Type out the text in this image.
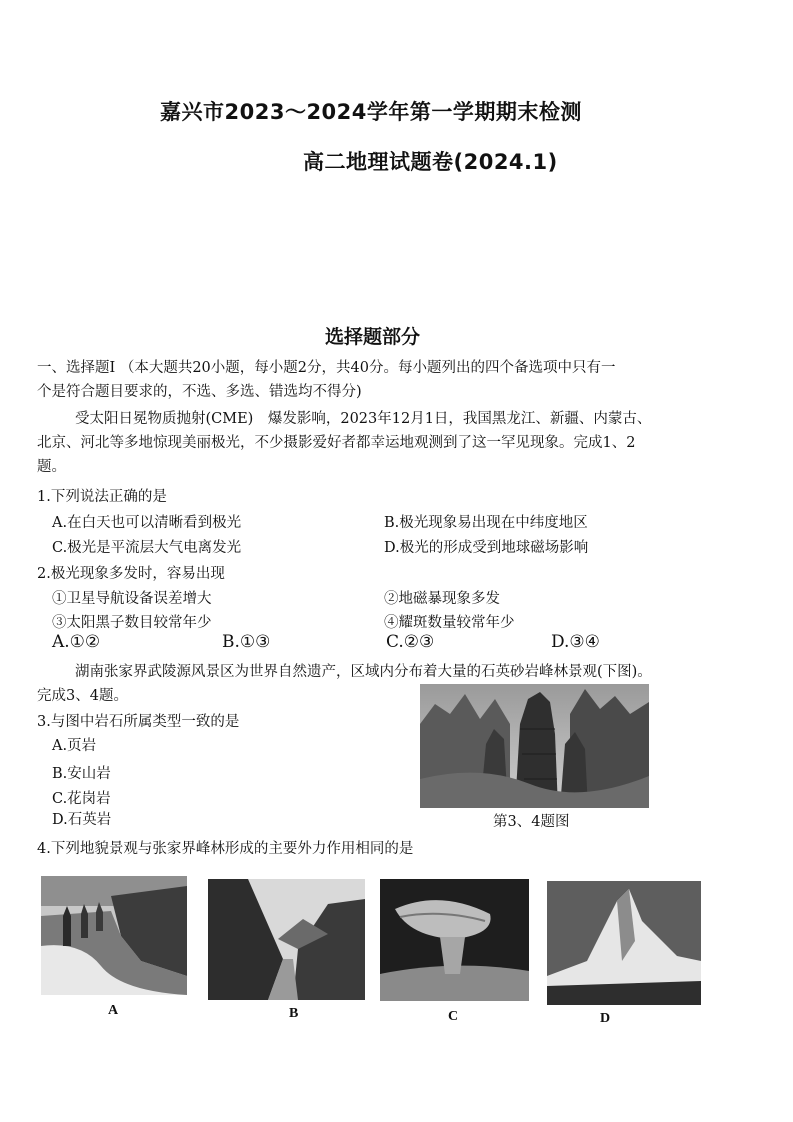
嘉兴市2023～2024学年第一学期期末检测
高二地理试题卷(2024.1)
选择题部分
一、选择题Ⅰ （本大题共20小题，每小题2分，共40分。每小题列出的四个备选项中只有一
个是符合题目要求的，不选、多选、错选均不得分)
受太阳日冕物质抛射(CME)　爆发影响，2023年12月1日，我国黑龙江、新疆、内蒙古、
北京、河北等多地惊现美丽极光，不少摄影爱好者都幸运地观测到了这一罕见现象。完成1、2
题。
1.下列说法正确的是
A.在白天也可以清晰看到极光	B.极光现象易出现在中纬度地区
C.极光是平流层大气电离发光	D.极光的形成受到地球磁场影响
2.极光现象多发时，容易出现
①卫星导航设备误差增大	②地磁暴现象多发
③太阳黑子数目较常年少	④耀斑数量较常年少
A.①②	B.①③	C.②③	D.③④
湖南张家界武陵源风景区为世界自然遗产，区域内分布着大量的石英砂岩峰林景观(下图)。
完成3、4题。
3.与图中岩石所属类型一致的是
A.页岩
B.安山岩
C.花岗岩
D.石英岩	第3、4题图
4.下列地貌景观与张家界峰林形成的主要外力作用相同的是
A	B	C	D
